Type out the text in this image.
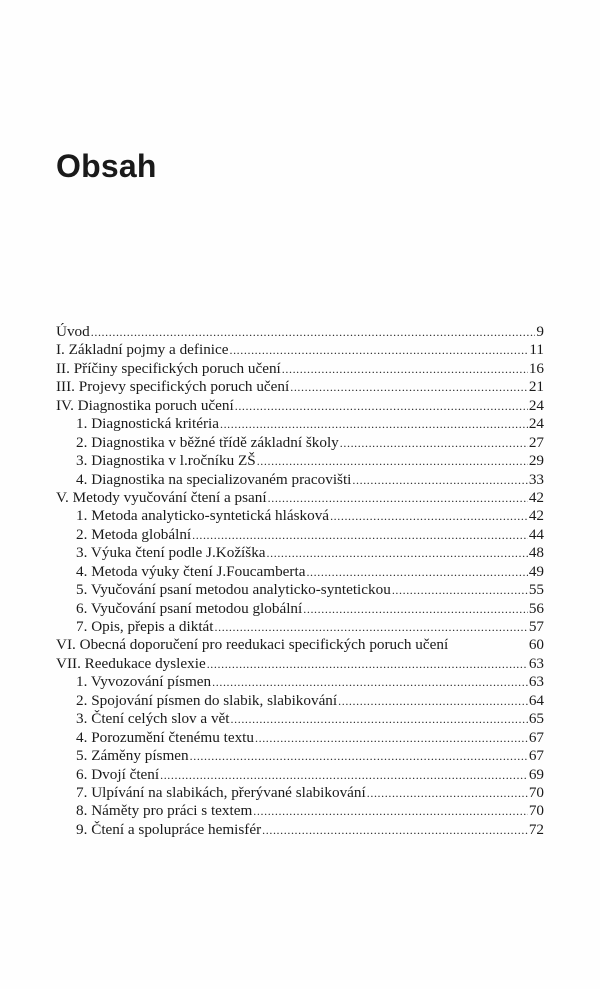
Obsah
Úvod .....	9
I. Základní pojmy a definice .....	11
II. Příčiny specifických poruch učení .....	16
III. Projevy specifických poruch učení .....	21
IV. Diagnostika poruch učení .....	24
1. Diagnostická kritéria .....	24
2. Diagnostika v běžné třídě základní školy .....	27
3. Diagnostika v l.ročníku ZŠ .....	29
4. Diagnostika na specializovaném pracovišti .....	33
V. Metody vyučování čtení a psaní .....	42
1. Metoda analyticko-syntetická hlásková .....	42
2. Metoda globální .....	44
3. Výuka čtení podle J.Kožíška .....	48
4. Metoda výuky čtení J.Foucamberta .....	49
5. Vyučování psaní metodou analyticko-syntetickou .....	55
6. Vyučování psaní metodou globální .....	56
7. Opis, přepis a diktát .....	57
VI. Obecná doporučení pro reedukaci specifických poruch učení	60
VII. Reedukace dyslexie .....	63
1. Vyvozování písmen .....	63
2. Spojování písmen do slabik, slabikování .....	64
3. Čtení celých slov a vět .....	65
4. Porozumění čtenému textu .....	67
5. Záměny písmen .....	67
6. Dvojí čtení .....	69
7. Ulpívání na slabikách, přerývané slabikování .....	70
8. Náměty pro práci s textem .....	70
9. Čtení a spolupráce hemisfér .....	72
